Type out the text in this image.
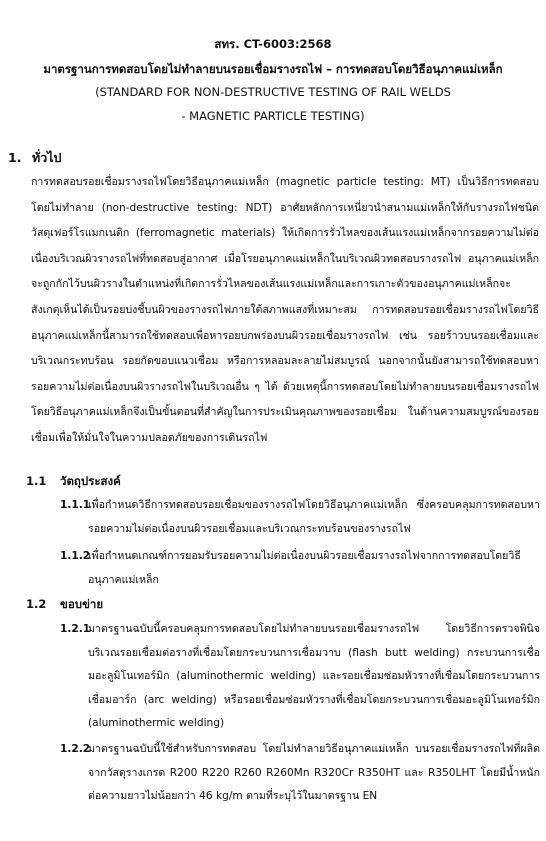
สทร. CT-6003:2568
มาตรฐานการทดสอบโดยไม่ทำลายบนรอยเชื่อมรางรถไฟ – การทดสอบโดยวิธีอนุภาคแม่เหล็ก
(STANDARD FOR NON-DESTRUCTIVE TESTING OF RAIL WELDS
- MAGNETIC PARTICLE TESTING)
1. ทั่วไป
การทดสอบรอยเชื่อมรางรถไฟโดยวิธีอนุภาคแม่เหล็ก (magnetic particle testing: MT) เป็นวิธีการทดสอบโดยไม่ทำลาย (non-destructive testing: NDT) อาศัยหลักการเหนี่ยวนำสนามแม่เหล็กให้กับรางรถไฟชนิดวัสดุเฟอร์โรแมกเนติก (ferromagnetic materials) ให้เกิดการรั่วไหลของเส้นแรงแม่เหล็กจากรอยความไม่ต่อเนื่องบริเวณผิวรางรถไฟที่ทดสอบสู่อากาศ เมื่อโรยอนุภาคแม่เหล็กในบริเวณผิวทดสอบรางรถไฟ อนุภาคแม่เหล็กจะถูกกักไว้บนผิวรางในตำแหน่งที่เกิดการรั่วไหลของเส้นแรงแม่เหล็กและการเกาะตัวของอนุภาคแม่เหล็กจะสังเกตุเห็นได้เป็นรอยบ่งชี้บนผิวของรางรถไฟภายใต้สภาพแสงที่เหมาะสม การทดสอบรอยเชื่อมรางรถไฟโดยวิธีอนุภาคแม่เหล็กนี้สามารถใช้ทดสอบเพื่อหารอยบกพร่องบนผิวรอยเชื่อมรางรถไฟ เช่น รอยร้าวบนรอยเชื่อมและบริเวณกระทบร้อน รอยกัดขอบแนวเชื่อม หรือการหลอมละลายไม่สมบูรณ์ นอกจากนั้นยังสามารถใช้ทดสอบหารอยความไม่ต่อเนื่องบนผิวรางรถไฟในบริเวณอื่น ๆ ได้ ด้วยเหตุนี้การทดสอบโดยไม่ทำลายบนรอยเชื่อมรางรถไฟโดยวิธีอนุภาคแม่เหล็กจึงเป็นขั้นตอนที่สำคัญในการประเมินคุณภาพของรอยเชื่อม ในด้านความสมบูรณ์ของรอยเชื่อมเพื่อให้มั่นใจในความปลอดภัยของการเดินรถไฟ
1.1 วัตถุประสงค์
1.1.1
เพื่อกำหนดวิธีการทดสอบรอยเชื่อมของรางรถไฟโดยวิธีอนุภาคแม่เหล็ก ซึ่งครอบคลุมการทดสอบหารอยความไม่ต่อเนื่องบนผิวรอยเชื่อมและบริเวณกระทบร้อนของรางรถไฟ
1.1.2
เพื่อกำหนดเกณฑ์การยอมรับรอยความไม่ต่อเนื่องบนผิวรอยเชื่อมรางรถไฟจากการทดสอบโดยวิธีอนุภาคแม่เหล็ก
1.2 ขอบข่าย
1.2.1
มาตรฐานฉบับนี้ครอบคลุมการทดสอบโดยไม่ทำลายบนรอยเชื่อมรางรถไฟ โดยวิธีการตรวจพินิจบริเวณรอยเชื่อมต่อรางที่เชื่อมโดยกระบวนการเชื่อมวาบ (flash butt welding) กระบวนการเชื่อมอะลูมิโนเทอร์มิก (aluminothermic welding) และรอยเชื่อมซ่อมหัวรางที่เชื่อมโดยกระบวนการเชื่อมอาร์ก (arc welding) หรือรอยเชื่อมซ่อมหัวรางที่เชื่อมโดยกระบวนการเชื่อมอะลูมิโนเทอร์มิก (aluminothermic welding)
1.2.2
มาตรฐานฉบับนี้ใช้สำหรับการทดสอบ โดยไม่ทำลายวิธีอนุภาคแม่เหล็ก บนรอยเชื่อมรางรถไฟที่ผลิตจากวัสดุรางเกรด R200 R220 R260 R260Mn R320Cr R350HT และ R350LHT โดยมีน้ำหนักต่อความยาวไม่น้อยกว่า 46 kg/m ตามที่ระบุไว้ในมาตรฐาน EN
